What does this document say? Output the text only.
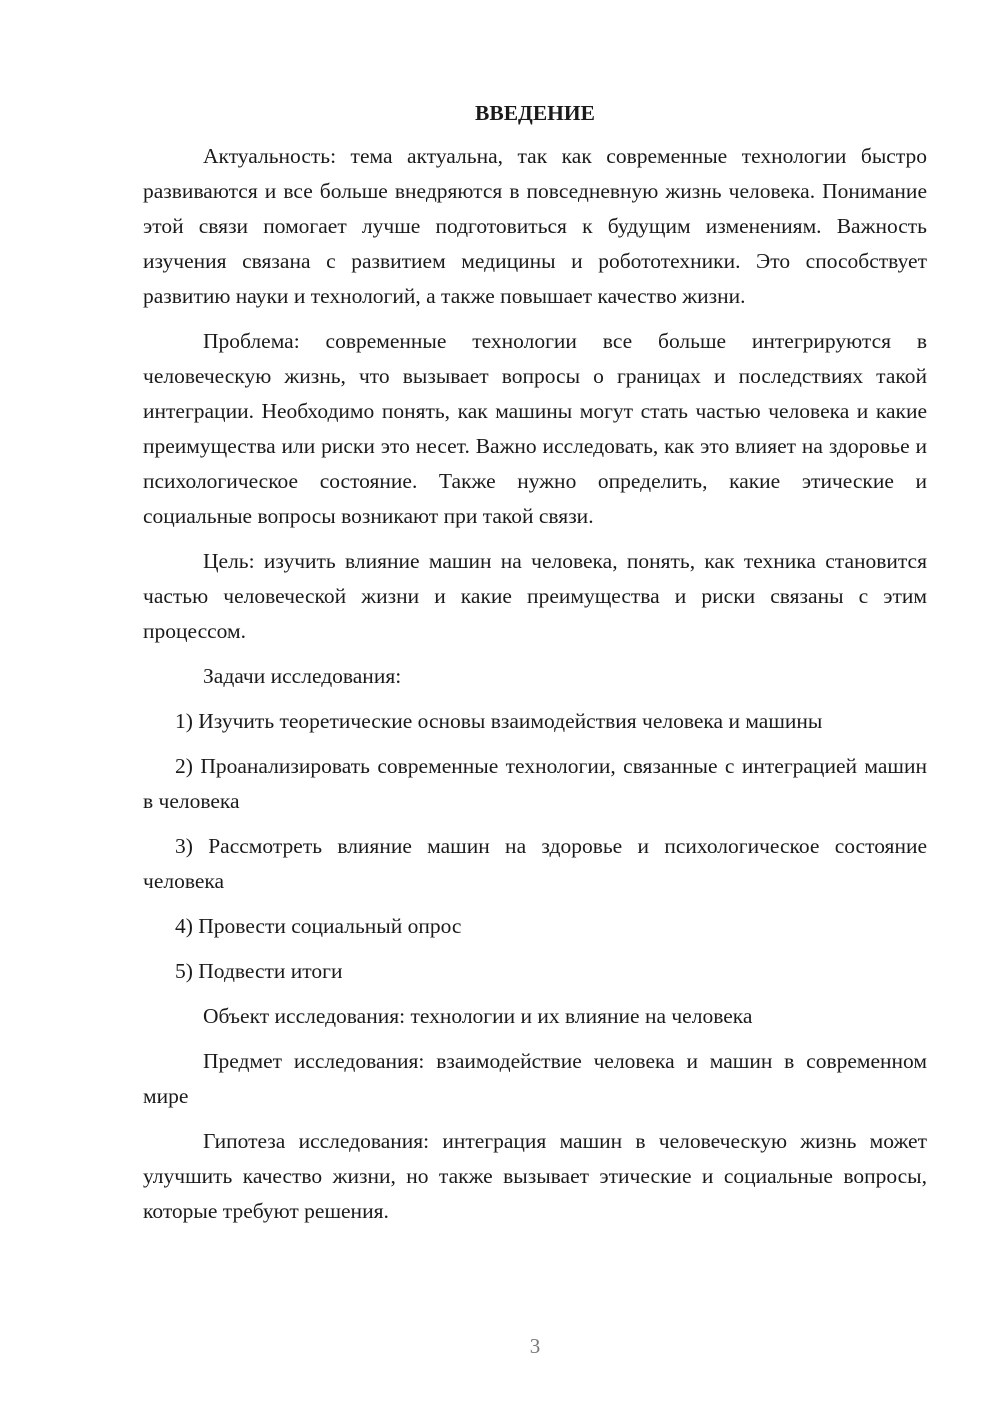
ВВЕДЕНИЕ
Актуальность: тема актуальна, так как современные технологии быстро развиваются и все больше внедряются в повседневную жизнь человека. Понимание этой связи помогает лучше подготовиться к будущим изменениям. Важность изучения связана с развитием медицины и робототехники. Это способствует развитию науки и технологий, а также повышает качество жизни.
Проблема: современные технологии все больше интегрируются в человеческую жизнь, что вызывает вопросы о границах и последствиях такой интеграции. Необходимо понять, как машины могут стать частью человека и какие преимущества или риски это несет. Важно исследовать, как это влияет на здоровье и психологическое состояние. Также нужно определить, какие этические и социальные вопросы возникают при такой связи.
Цель: изучить влияние машин на человека, понять, как техника становится частью человеческой жизни и какие преимущества и риски связаны с этим процессом.
Задачи исследования:
1) Изучить теоретические основы взаимодействия человека и машины
2) Проанализировать современные технологии, связанные с интеграцией машин в человека
3) Рассмотреть влияние машин на здоровье и психологическое состояние человека
4) Провести социальный опрос
5) Подвести итоги
Объект исследования: технологии и их влияние на человека
Предмет исследования: взаимодействие человека и машин в современном мире
Гипотеза исследования: интеграция машин в человеческую жизнь может улучшить качество жизни, но также вызывает этические и социальные вопросы, которые требуют решения.
3
